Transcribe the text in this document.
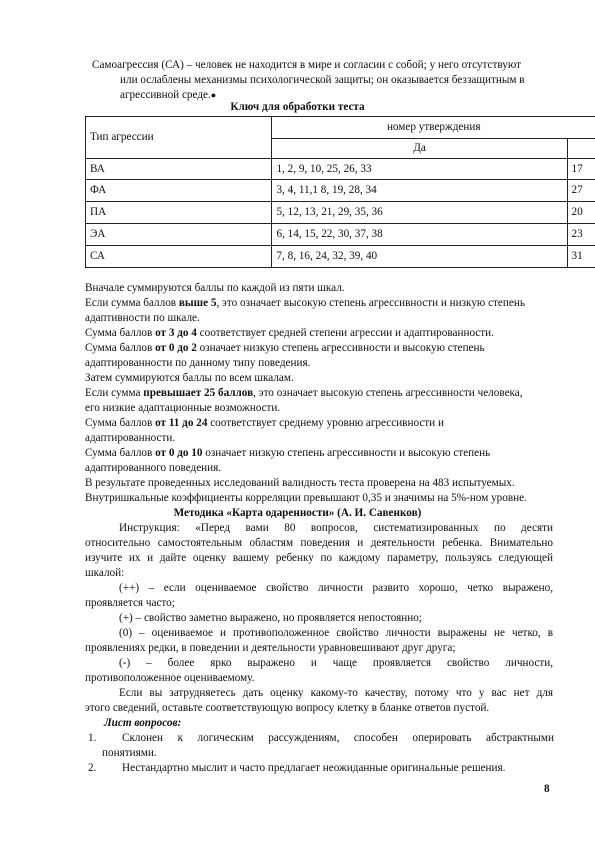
Самоагрессия (СА) – человек не находится в мире и согласии с собой; у него отсутствуют
или ослаблены механизмы психологической защиты; он оказывается беззащитным в
агрессивной среде.●
Ключ для обработки теста
Тип агрессии	номер утверждения	
	Да	
ВА	1, 2, 9, 10, 25, 26, 33	17
ФА	3, 4, 11,1 8, 19, 28, 34	27
ПА	5, 12, 13, 21, 29, 35, 36	20
ЭА	6, 14, 15, 22, 30, 37, 38	23
СА	7, 8, 16, 24, 32, 39, 40	31
Вначале суммируются баллы по каждой из пяти шкал.
Если сумма баллов выше 5, это означает высокую степень агрессивности и низкую степень
адаптивности по шкале.
Сумма баллов от 3 до 4 соответствует средней степени агрессии и адаптированности.
Сумма баллов от 0 до 2 означает низкую степень агрессивности и высокую степень
адаптированности по данному типу поведения.
Затем суммируются баллы по всем шкалам.
Если сумма превышает 25 баллов, это означает высокую степень агрессивности человека,
его низкие адаптационные возможности.
Сумма баллов от 11 до 24 соответствует среднему уровню агрессивности и
адаптированности.
Сумма баллов от 0 до 10 означает низкую степень агрессивности и высокую степень
адаптированного поведения.
В результате проведенных исследований валидность теста проверена на 483 испытуемых.
Внутришкальные коэффициенты корреляции превышают 0,35 и значимы на 5%-ном уровне.
Методика «Карта одаренности» (А. И. Савенков)
Инструкция: «Перед вами 80 вопросов, систематизированных по десяти
относительно самостоятельным областям поведения и деятельности ребенка. Внимательно
изучите их и дайте оценку вашему ребенку по каждому параметру, пользуясь следующей
шкалой:
(++) – если оцениваемое свойство личности развито хорошо, четко выражено,
проявляется часто;
(+) – свойство заметно выражено, но проявляется непостоянно;
(0) – оцениваемое и противоположенное свойство личности выражены не четко, в
проявлениях редки, в поведении и деятельности уравновешивают друг друга;
(-) – более ярко выражено и чаще проявляется свойство личности,
противоположенное оцениваемому.
Если вы затрудняетесь дать оценку какому-то качеству, потому что у вас нет для
этого сведений, оставьте соответствующую вопросу клетку в бланке ответов пустой.
Лист вопросов:
1. Склонен к логическим рассуждениям, способен оперировать абстрактными
понятиями.
2. Нестандартно мыслит и часто предлагает неожиданные оригинальные решения.
8
